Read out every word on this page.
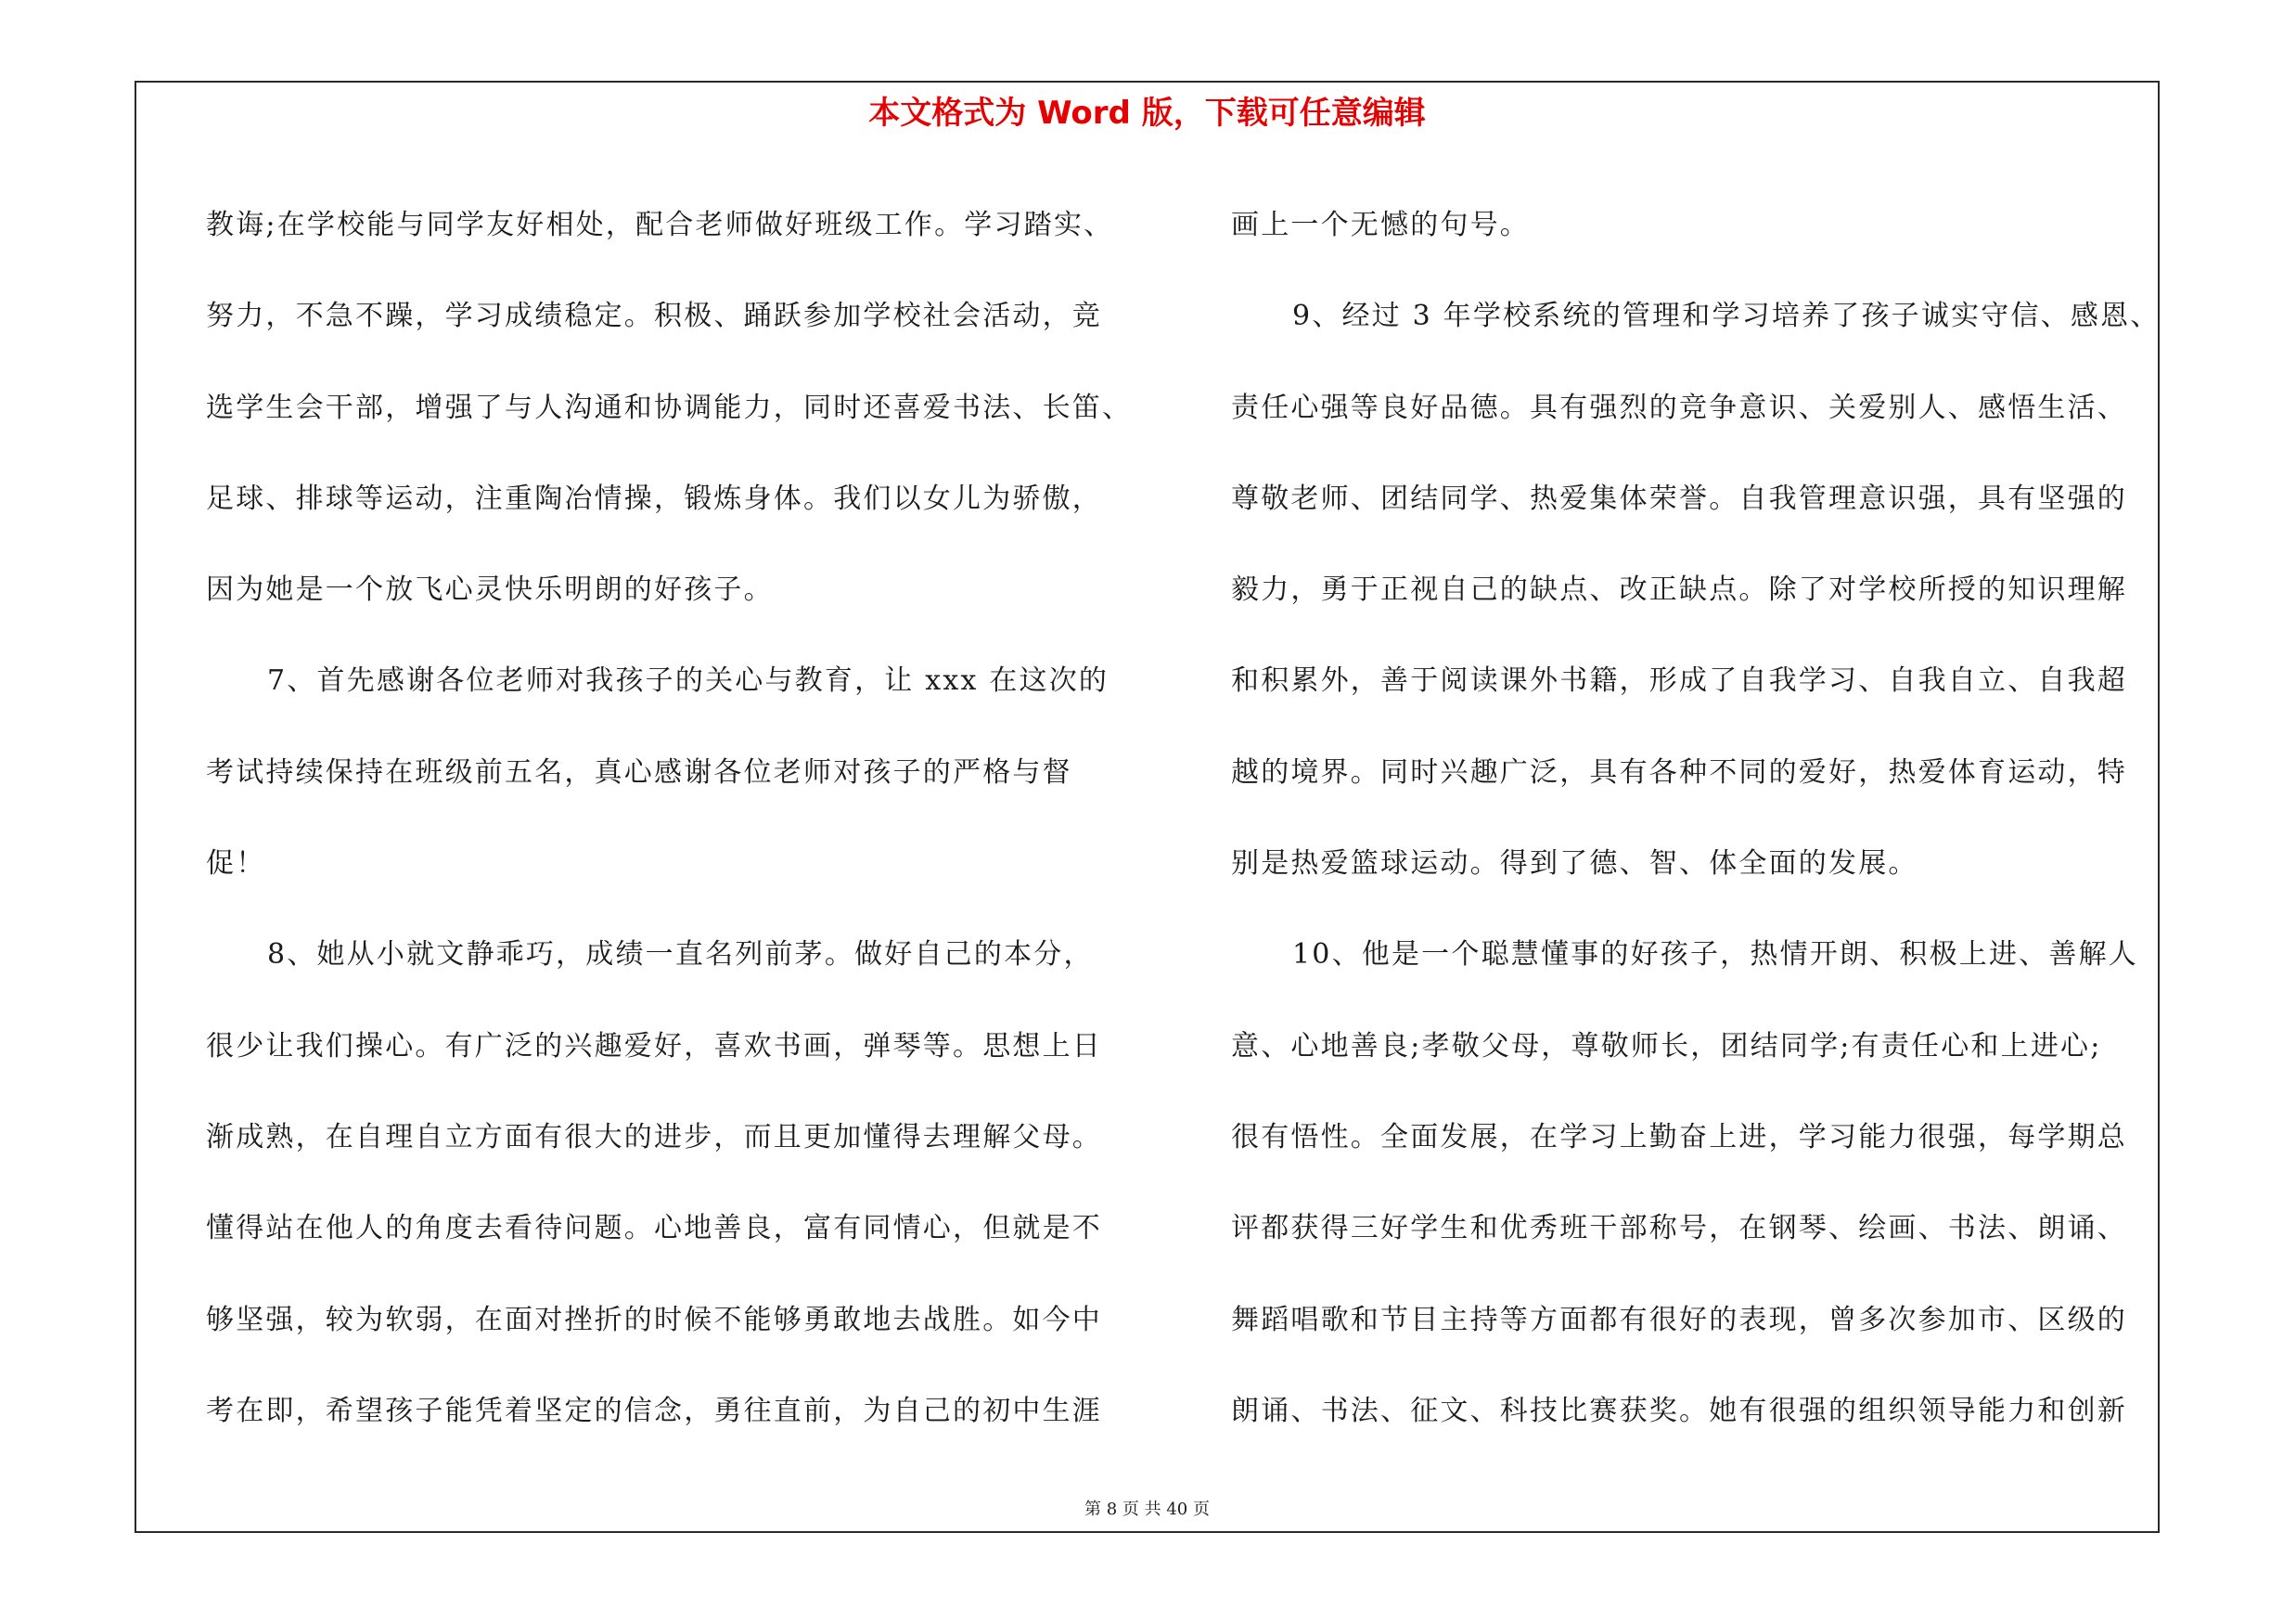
本文格式为 Word 版，下载可任意编辑

教诲;在学校能与同学友好相处，配合老师做好班级工作。学习踏实、
努力，不急不躁，学习成绩稳定。积极、踊跃参加学校社会活动，竞
选学生会干部，增强了与人沟通和协调能力，同时还喜爱书法、长笛、
足球、排球等运动，注重陶冶情操，锻炼身体。我们以女儿为骄傲，
因为她是一个放飞心灵快乐明朗的好孩子。

7、首先感谢各位老师对我孩子的关心与教育，让 xxx 在这次的
考试持续保持在班级前五名，真心感谢各位老师对孩子的严格与督
促！

8、她从小就文静乖巧，成绩一直名列前茅。做好自己的本分，
很少让我们操心。有广泛的兴趣爱好，喜欢书画，弹琴等。思想上日
渐成熟，在自理自立方面有很大的进步，而且更加懂得去理解父母。
懂得站在他人的角度去看待问题。心地善良，富有同情心，但就是不
够坚强，较为软弱，在面对挫折的时候不能够勇敢地去战胜。如今中
考在即，希望孩子能凭着坚定的信念，勇往直前，为自己的初中生涯

画上一个无憾的句号。

9、经过 3 年学校系统的管理和学习培养了孩子诚实守信、感恩、
责任心强等良好品德。具有强烈的竞争意识、关爱别人、感悟生活、
尊敬老师、团结同学、热爱集体荣誉。自我管理意识强，具有坚强的
毅力，勇于正视自己的缺点、改正缺点。除了对学校所授的知识理解
和积累外，善于阅读课外书籍，形成了自我学习、自我自立、自我超
越的境界。同时兴趣广泛，具有各种不同的爱好，热爱体育运动，特
别是热爱篮球运动。得到了德、智、体全面的发展。

10、他是一个聪慧懂事的好孩子，热情开朗、积极上进、善解人
意、心地善良;孝敬父母，尊敬师长，团结同学;有责任心和上进心;
很有悟性。全面发展，在学习上勤奋上进，学习能力很强，每学期总
评都获得三好学生和优秀班干部称号，在钢琴、绘画、书法、朗诵、
舞蹈唱歌和节目主持等方面都有很好的表现，曾多次参加市、区级的
朗诵、书法、征文、科技比赛获奖。她有很强的组织领导能力和创新

第 8 页 共 40 页
